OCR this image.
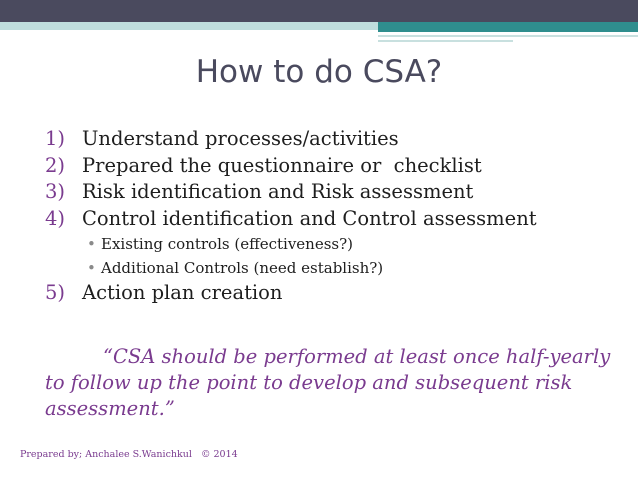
How to do CSA?
1) Understand processes/activities
2) Prepared the questionnaire or  checklist
3) Risk identification and Risk assessment
4) Control identification and Control assessment
• Existing controls (effectiveness?)
• Additional Controls (need establish?)
5) Action plan creation
“CSA should be performed at least once half-yearly
to follow up the point to develop and subsequent risk
assessment.”
Prepared by; Anchalee S.Wanichkul   © 2014
